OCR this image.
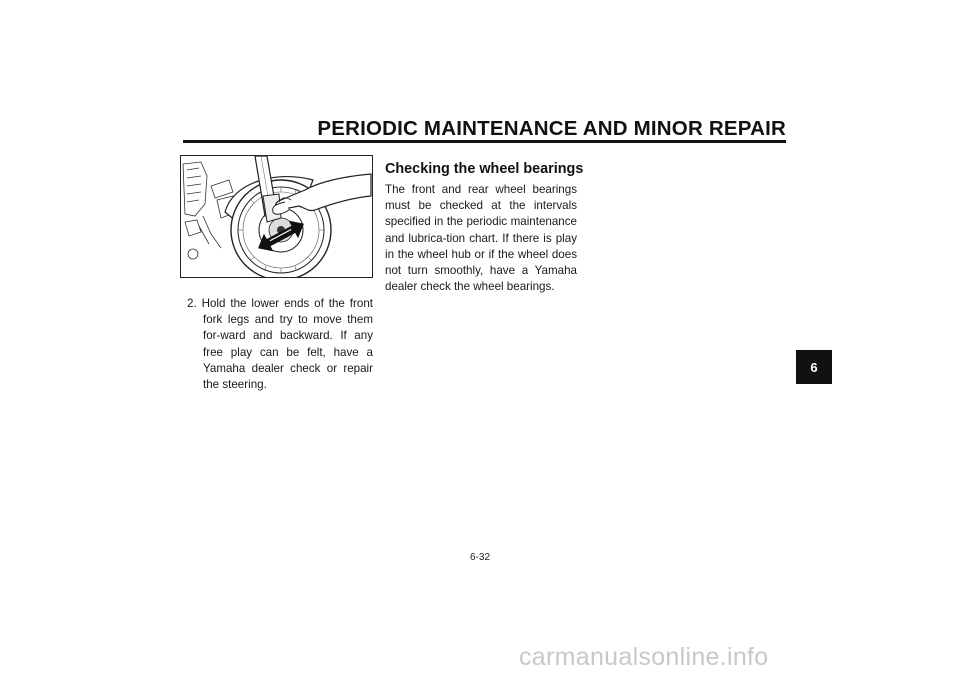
PERIODIC MAINTENANCE AND MINOR REPAIR
2. Hold the lower ends of the front fork legs and try to move them for-ward and backward. If any free play can be felt, have a Yamaha dealer check or repair the steering.
Checking the wheel bearings
The front and rear wheel bearings must be checked at the intervals specified in the periodic maintenance and lubrica-tion chart. If there is play in the wheel hub or if the wheel does not turn smoothly, have a Yamaha dealer check the wheel bearings.
6
6-32
carmanualsonline.info
